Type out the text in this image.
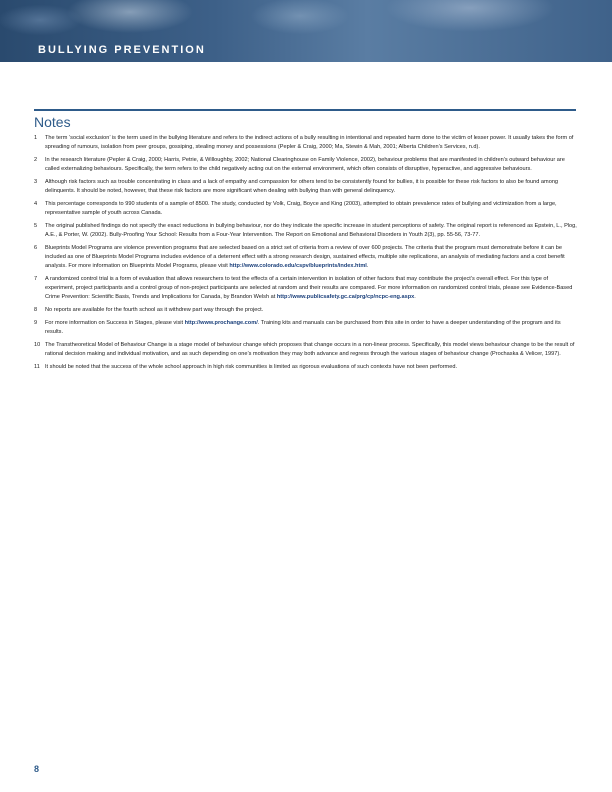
BULLYING PREVENTION
Notes
1	The term ‘social exclusion’ is the term used in the bullying literature and refers to the indirect actions of a bully resulting in intentional and repeated harm done to the victim of lesser power. It usually takes the form of spreading of rumours, isolation from peer groups, gossiping, stealing money and possessions (Pepler & Craig, 2000; Ma, Stewin & Mah, 2001; Alberta Children’s Services, n.d).
2	In the research literature (Pepler & Craig, 2000; Harris, Petrie, & Willoughby, 2002; National Clearinghouse on Family Violence, 2002), behaviour problems that are manifested in children’s outward behaviour are called externalizing behaviours. Specifically, the term refers to the child negatively acting out on the external environment, which often consists of disruptive, hyperactive, and aggressive behaviours.
3	Although risk factors such as trouble concentrating in class and a lack of empathy and compassion for others tend to be consistently found for bullies, it is possible for these risk factors to also be found among delinquents. It should be noted, however, that these risk factors are more significant when dealing with bullying than with general delinquency.
4	This percentage corresponds to 990 students of a sample of 8500. The study, conducted by Volk, Craig, Boyce and King (2003), attempted to obtain prevalence rates of bullying and victimization from a large, representative sample of youth across Canada.
5	The original published findings do not specify the exact reductions in bullying behaviour, nor do they indicate the specific increase in student perceptions of safety. The original report is referenced as Epstein, L., Plog, A.E., & Porter, W. (2002). Bully-Proofing Your School: Results from a Four-Year Intervention. The Report on Emotional and Behavioral Disorders in Youth 2(3), pp. 55-56, 73-77.
6	Blueprints Model Programs are violence prevention programs that are selected based on a strict set of criteria from a review of over 600 projects. The criteria that the program must demonstrate before it can be included as one of Blueprints Model Programs includes evidence of a deterrent effect with a strong research design, sustained effects, multiple site replications, an analysis of mediating factors and a cost benefit analysis. For more information on Blueprints Model Programs, please visit http://www.colorado.edu/cspv/blueprints/index.html.
7	A randomized control trial is a form of evaluation that allows researchers to test the effects of a certain intervention in isolation of other factors that may contribute the project’s overall effect. For this type of experiment, project participants and a control group of non-project participants are selected at random and their results are compared. For more information on randomized control trials, please see Evidence-Based Crime Prevention: Scientific Basis, Trends and Implications for Canada, by Brandon Welsh at http://www.publicsafety.gc.ca/prg/cp/ncpc-eng.aspx.
8	No reports are available for the fourth school as it withdrew part way through the project.
9	For more information on Success in Stages, please visit http://www.prochange.com/. Training kits and manuals can be purchased from this site in order to have a deeper understanding of the program and its results.
10 The Transtheoretical Model of Behaviour Change is a stage model of behaviour change which proposes that change occurs in a non-linear process. Specifically, this model views behaviour change to be the result of rational decision making and individual motivation, and as such depending on one’s motivation they may both advance and regress through the various stages of behaviour change (Prochaska & Velicer, 1997).
11 It should be noted that the success of the whole school approach in high risk communities is limited as rigorous evaluations of such contexts have not been performed.
8
